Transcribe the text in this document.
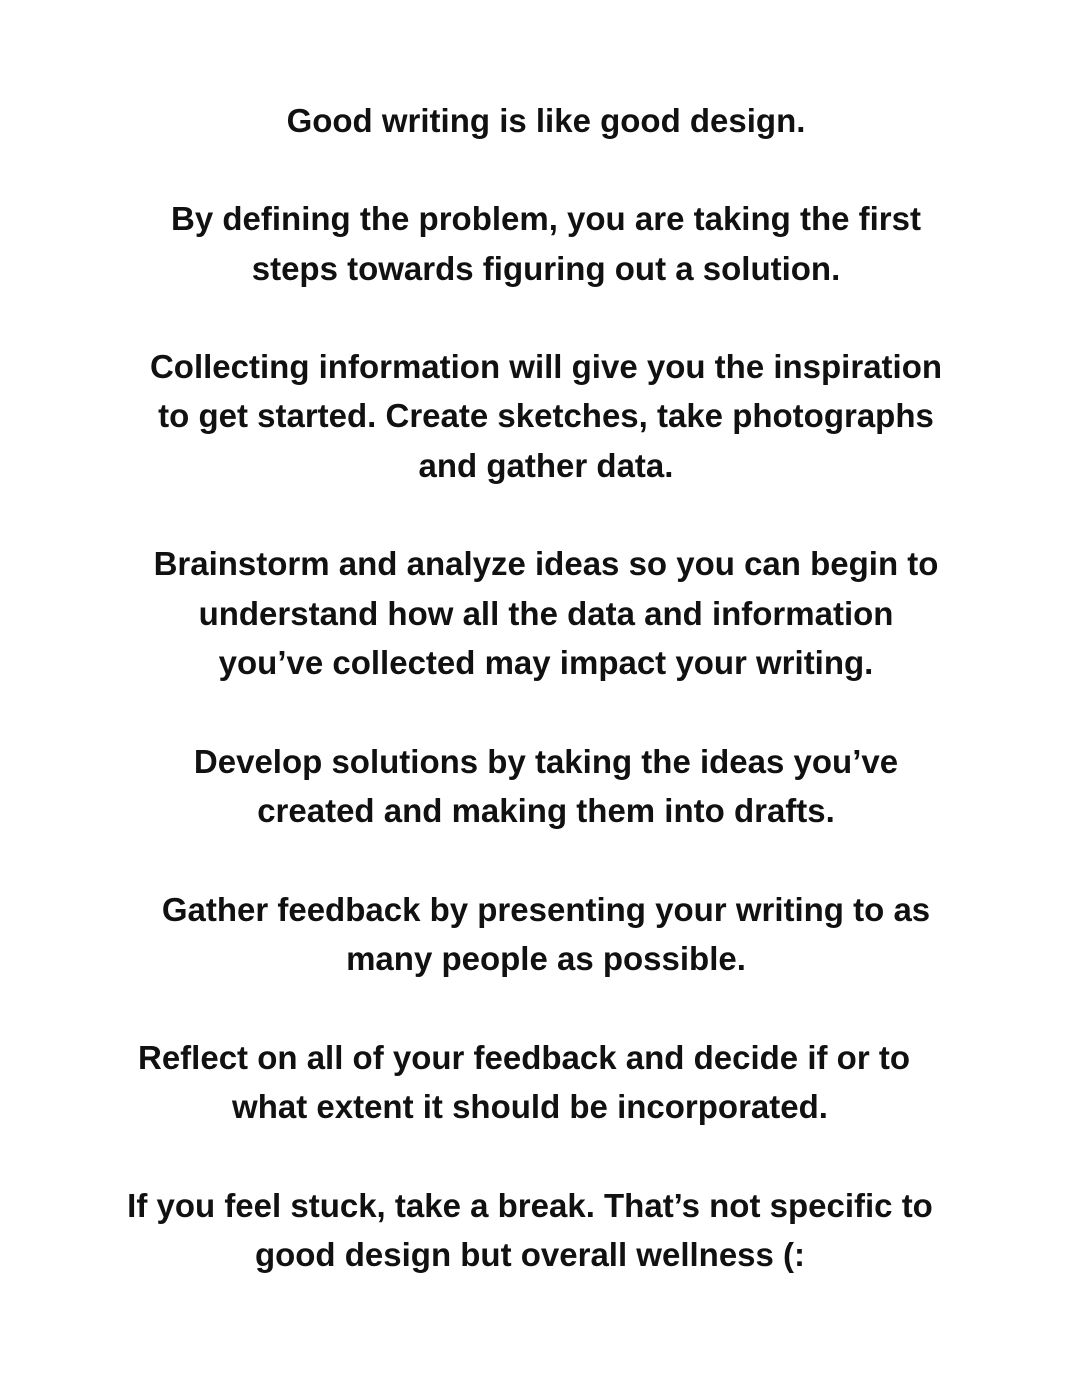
Good writing is like good design.
By defining the problem, you are taking the first
steps towards figuring out a solution.
Collecting information will give you the inspiration
to get started. Create sketches, take photographs
and gather data.
Brainstorm and analyze ideas so you can begin to
understand how all the data and information
you’ve collected may impact your writing.
Develop solutions by taking the ideas you’ve
created and making them into drafts.
Gather feedback by presenting your writing to as
many people as possible.
Reflect on all of your feedback and decide if or to
what extent it should be incorporated.
If you feel stuck, take a break. That’s not specific to
good design but overall wellness (:
